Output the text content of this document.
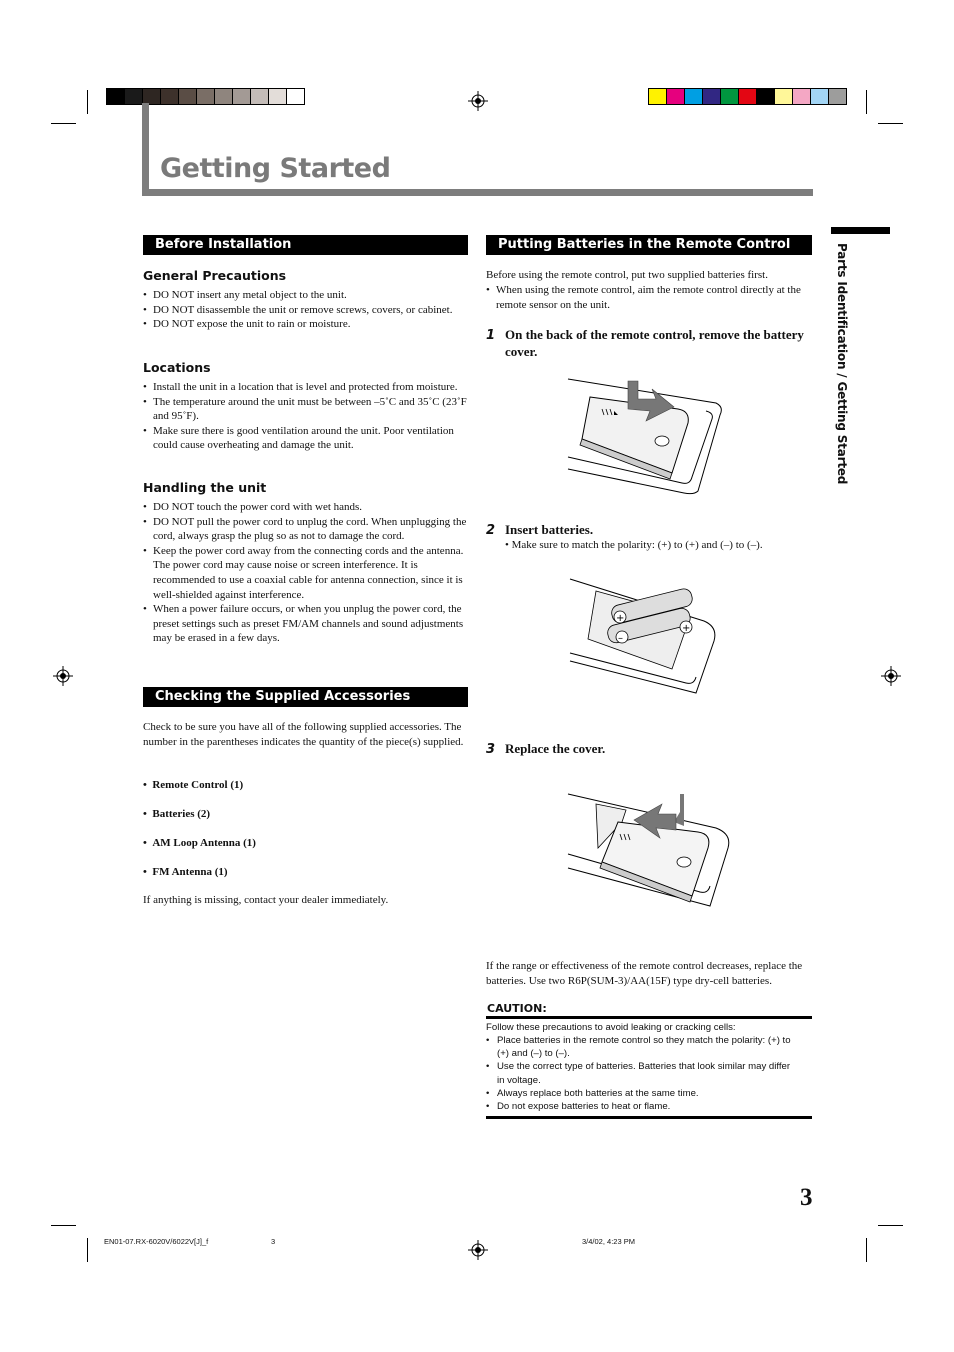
Getting Started
Parts Identification / Getting Started
Before Installation
General Precautions
• DO NOT insert any metal object to the unit.
• DO NOT disassemble the unit or remove screws, covers, or cabinet.
• DO NOT expose the unit to rain or moisture.
Locations
• Install the unit in a location that is level and protected from moisture.
• The temperature around the unit must be between –5˚C and 35˚C (23˚F and 95˚F).
• Make sure there is good ventilation around the unit. Poor ventilation could cause overheating and damage the unit.
Handling the unit
• DO NOT touch the power cord with wet hands.
• DO NOT pull the power cord to unplug the cord. When unplugging the cord, always grasp the plug so as not to damage the cord.
• Keep the power cord away from the connecting cords and the antenna. The power cord may cause noise or screen interference. It is recommended to use a coaxial cable for antenna connection, since it is well-shielded against interference.
• When a power failure occurs, or when you unplug the power cord, the preset settings such as preset FM/AM channels and sound adjustments may be erased in a few days.
Checking the Supplied Accessories
Check to be sure you have all of the following supplied accessories. The number in the parentheses indicates the quantity of the piece(s) supplied.
•  Remote Control (1)
•  Batteries (2)
•  AM Loop Antenna (1)
•  FM Antenna (1)
If anything is missing, contact your dealer immediately.
Putting Batteries in the Remote Control
Before using the remote control, put two supplied batteries first.
• When using the remote control, aim the remote control directly at the remote sensor on the unit.
1 On the back of the remote control, remove the battery cover.
2 Insert batteries.
• Make sure to match the polarity: (+) to (+) and (–) to (–).
+
–
+
3 Replace the cover.
If the range or effectiveness of the remote control decreases, replace the batteries. Use two R6P(SUM-3)/AA(15F) type dry-cell batteries.
CAUTION:
Follow these precautions to avoid leaking or cracking cells:
• Place batteries in the remote control so they match the polarity: (+) to (+) and (–) to (–).
• Use the correct type of batteries. Batteries that look similar may differ in voltage.
• Always replace both batteries at the same time.
• Do not expose batteries to heat or flame.
3
EN01-07.RX-6020V/6022V[J]_f	3	3/4/02, 4:23 PM
